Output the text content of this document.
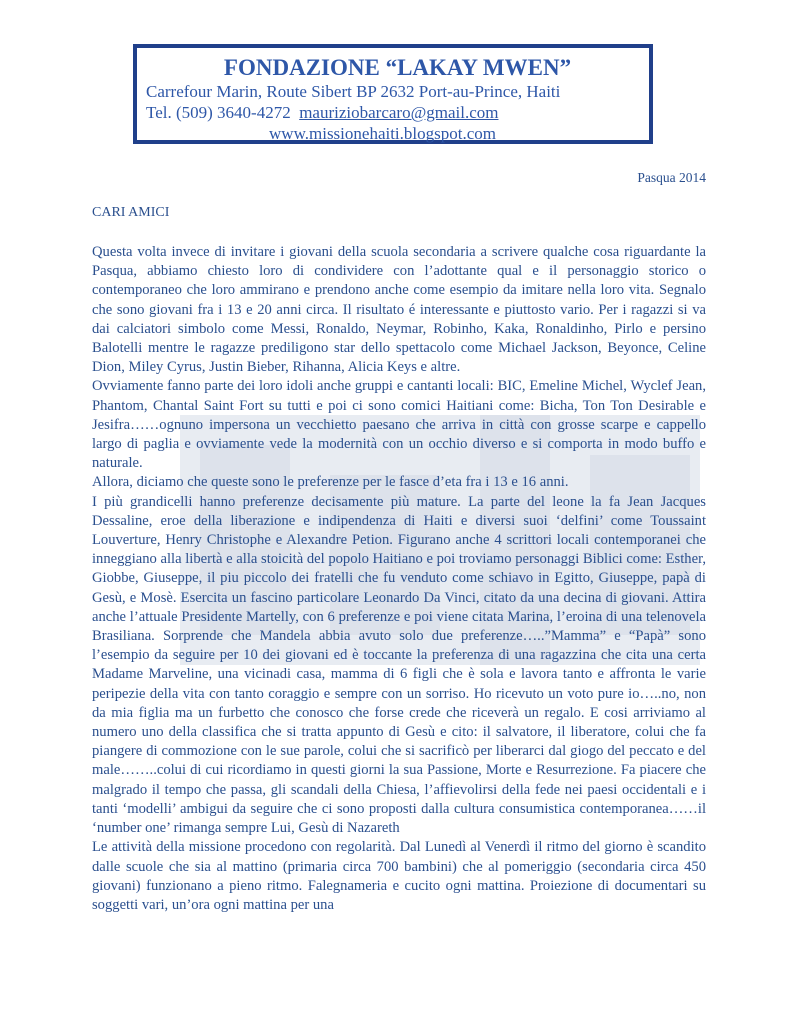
FONDAZIONE “LAKAY MWEN”

Carrefour Marin, Route Sibert BP 2632 Port-au-Prince, Haiti

Tel. (509) 3640-4272 mauriziobarcaro@gmail.com

www.missionehaiti.blogspot.com

Pasqua 2014
CARI AMICI

Questa volta invece di invitare i giovani della scuola secondaria a scrivere qualche cosa riguardante la Pasqua, abbiamo chiesto loro di condividere con l’adottante qual e il personaggio storico o contemporaneo che loro ammirano e prendono anche come esempio da imitare nella loro vita. Segnalo che sono giovani fra i 13 e 20 anni circa. Il risultato é interessante e piuttosto vario. Per i ragazzi si va dai calciatori simbolo come Messi, Ronaldo, Neymar, Robinho, Kaka, Ronaldinho, Pirlo e persino Balotelli mentre le ragazze prediligono star dello spettacolo come Michael Jackson, Beyonce, Celine Dion, Miley Cyrus, Justin Bieber, Rihanna, Alicia Keys e altre.

Ovviamente fanno parte dei loro idoli anche gruppi e cantanti locali: BIC, Emeline Michel, Wyclef Jean, Phantom, Chantal Saint Fort su tutti e poi ci sono comici Haitiani come: Bicha, Ton Ton Desirable e Jesifra……ognuno impersona un vecchietto paesano che arriva in città con grosse scarpe e cappello largo di paglia e ovviamente vede la modernità con un occhio diverso e si comporta in modo buffo e naturale.

Allora, diciamo che queste sono le preferenze per le fasce d’eta fra i 13 e 16 anni.

I più grandicelli hanno preferenze decisamente più mature. La parte del leone la fa Jean Jacques Dessaline, eroe della liberazione e indipendenza di Haiti e diversi suoi ‘delfini’ come Toussaint Louverture, Henry Christophe e Alexandre Petion. Figurano anche 4 scrittori locali contemporanei che inneggiano alla libertà e alla stoicità del popolo Haitiano e poi troviamo personaggi Biblici come: Esther, Giobbe, Giuseppe, il piu piccolo dei fratelli che fu venduto come schiavo in Egitto, Giuseppe, papà di Gesù, e Mosè. Esercita un fascino particolare Leonardo Da Vinci, citato da una decina di giovani. Attira anche l’attuale Presidente Martelly, con 6 preferenze e poi viene citata Marina, l’eroina di una telenovela Brasiliana. Sorprende che Mandela abbia avuto solo due preferenze…..”Mamma” e “Papà” sono l’esempio da seguire per 10 dei giovani ed è toccante la preferenza di una ragazzina che cita una certa Madame Marveline, una vicinadi casa, mamma di 6 figli che è sola e lavora tanto e affronta le varie peripezie della vita con tanto coraggio e sempre con un sorriso. Ho ricevuto un voto pure io…..no, non da mia figlia ma un furbetto che conosco che forse crede che riceverà un regalo. E cosi arriviamo al numero uno della classifica che si tratta appunto di Gesù e cito: il salvatore, il liberatore, colui che fa piangere di commozione con le sue parole, colui che si sacrificò per liberarci dal giogo del peccato e del male……..colui di cui ricordiamo in questi giorni la sua Passione, Morte e Resurrezione. Fa piacere che malgrado il tempo che passa, gli scandali della Chiesa, l’affievolirsi della fede nei paesi occidentali e i tanti ‘modelli’ ambigui da seguire che ci sono proposti dalla cultura consumistica contemporanea……il ‘number one’ rimanga sempre Lui, Gesù di Nazareth

Le attività della missione procedono con regolarità. Dal Lunedì al Venerdì il ritmo del giorno è scandito dalle scuole che sia al mattino (primaria circa 700 bambini) che al pomeriggio (secondaria circa 450 giovani) funzionano a pieno ritmo. Falegnameria e cucito ogni mattina. Proiezione di documentari su soggetti vari, un’ora ogni mattina per una
